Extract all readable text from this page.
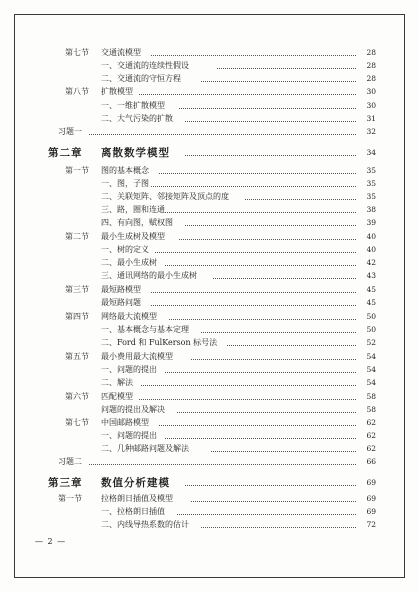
第七节 交通流模型	28
一、交通流的连续性假设	28
二、交通流的守恒方程	28
第八节 扩散模型	30
一、一维扩散模型	30
二、大气污染的扩散	31
习题一	32
第二章 离散数学模型	34
第一节 图的基本概念	35
一、图，子图	35
二、关联矩阵、邻接矩阵及顶点的度	35
三、路，圈和连通	38
四、有向图，赋权图	39
第二节 最小生成树及模型	40
一、树的定义	40
二、最小生成树	42
三、通讯网络的最小生成树	43
第三节 最短路模型	45
最短路问题	45
第四节 网络最大流模型	50
一、基本概念与基本定理	50
二、Ford 和 FulKerson 标号法	52
第五节 最小费用最大流模型	54
一、问题的提出	54
二、解法	54
第六节 匹配模型	58
问题的提出及解决	58
第七节 中国邮路模型	62
一、问题的提出	62
二、几种邮路问题及解法	62
习题二	66
第三章 数值分析建模	69
第一节 拉格朗日插值及模型	69
一、拉格朗日插值	69
二、内线导热系数的估计	72
— 2 —
